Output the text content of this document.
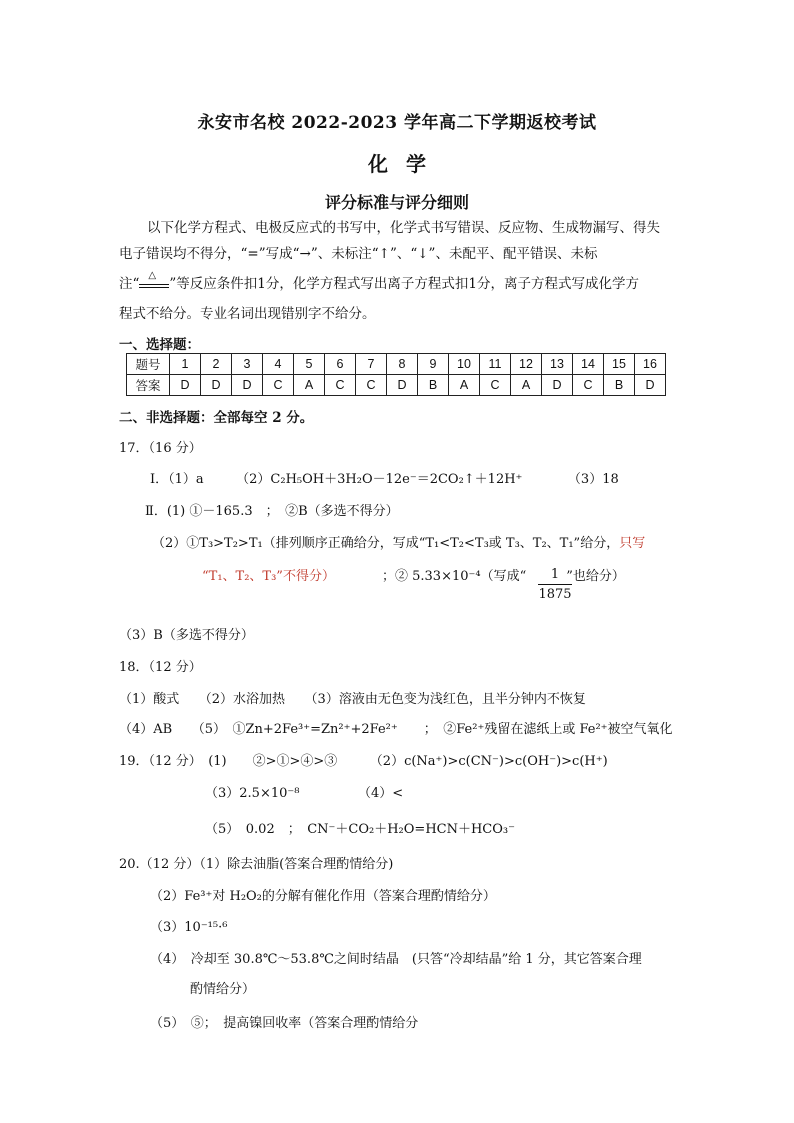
永安市名校 2022-2023 学年高二下学期返校考试
化学
评分标准与评分细则
以下化学方程式、电极反应式的书写中，化学式书写错误、反应物、生成物漏写、得失
电子错误均不得分，“=”写成“→”、未标注“↑”、“↓”、未配平、配平错误、未标
注“
△
”等反应条件扣1分，化学方程式写出离子方程式扣1分，离子方程式写成化学方
程式不给分。专业名词出现错别字不给分。
一、选择题：
题号	1	2	3	4	5	6	7	8	9	10	11	12	13	14	15	16
答案	D	D	D	C	A	C	C	D	B	A	C	A	D	C	B	D
二、非选择题：全部每空 2 分。
17．（16 分）
Ⅰ．（1）a　　　（2）C₂H₅OH＋3H₂O－12e⁻＝2CO₂↑＋12H⁺　　　　（3）18
Ⅱ．(1) ①－165.3　；　②B（多选不得分）
（2）①T₃>T₂>T₁（排列顺序正确给分，写成“T₁<T₂<T₃或 T₃、T₂、T₁”给分，只写
“T₁、T₂、T₃”不得分）	；② 5.33×10⁻⁴（写成“	”也给分）
1
1875
（3）B（多选不得分）
18．（12 分）
（1）酸式　　（2）水浴加热　　（3）溶液由无色变为浅红色，且半分钟内不恢复
（4）AB　　（5）　①Zn+2Fe³⁺=Zn²⁺+2Fe²⁺　　；　②Fe²⁺残留在滤纸上或 Fe²⁺被空气氧化
19．（12 分）　(1)　　②>①>④>③　　　（2）c(Na⁺)>c(CN⁻)>c(OH⁻)>c(H⁺)
（3）2.5×10⁻⁸　　　　　（4）<
（5）　0.02　；　CN⁻＋CO₂＋H₂O=HCN＋HCO₃⁻
20.（12 分）（1）除去油脂(答案合理酌情给分)
（2）Fe³⁺对 H₂O₂的分解有催化作用（答案合理酌情给分）
（3）10⁻¹⁵·⁶
（4）　冷却至 30.8℃～53.8℃之间时结晶　(只答“冷却结晶”给 1 分，其它答案合理
酌情给分）
（5）　⑤；　提高镍回收率（答案合理酌情给分
